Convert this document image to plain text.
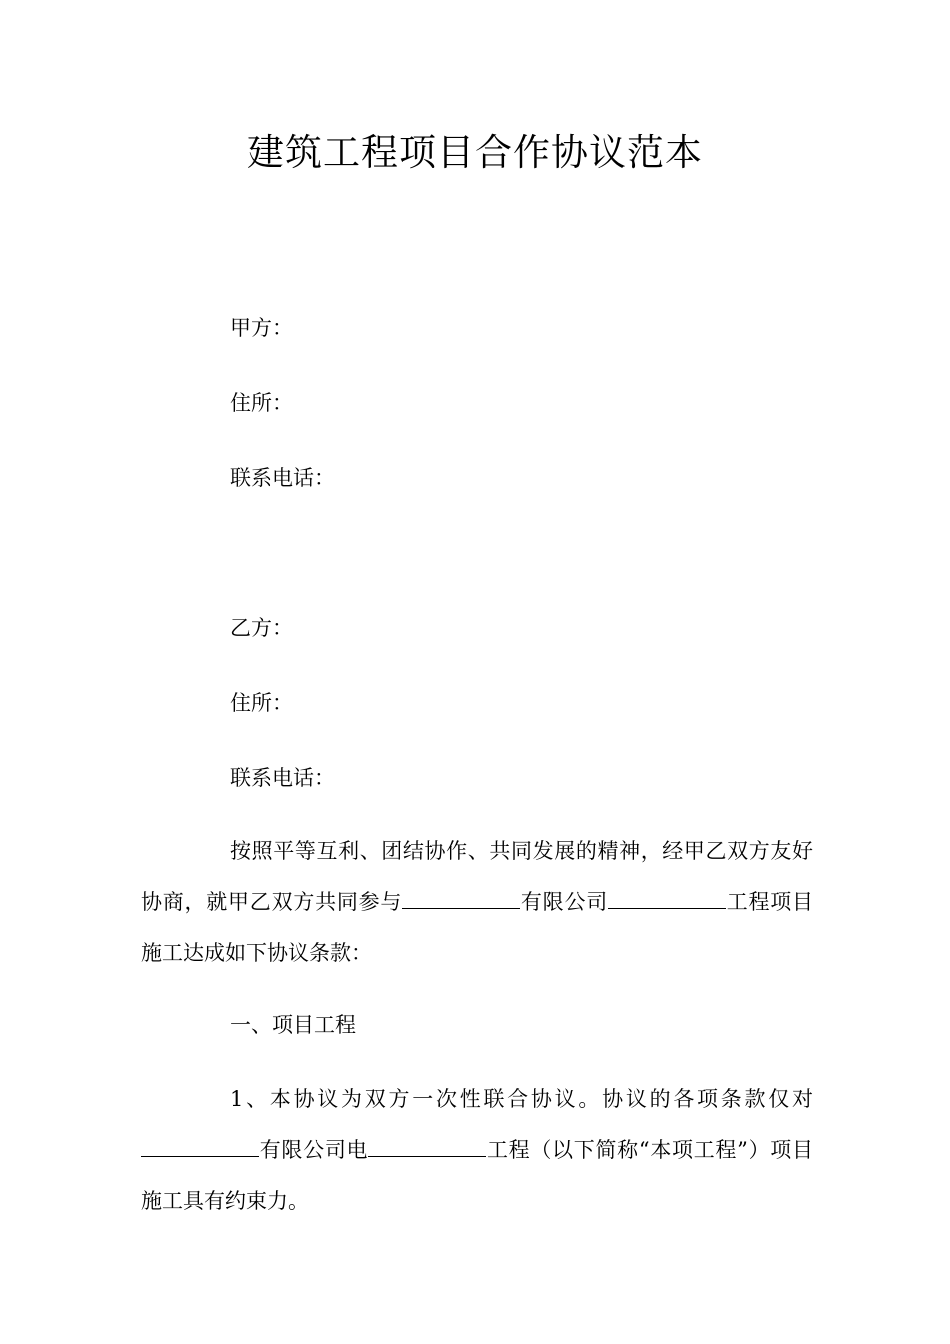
建筑工程项目合作协议范本
甲方：
住所：
联系电话：
乙方：
住所：
联系电话：

按照平等互利、团结协作、共同发展的精神，经甲乙双方友好协商，就甲乙双方共同参与	有限公司	工程项目施工达成如下协议条款：

一、项目工程

1、本协议为双方一次性联合协议。协议的各项条款仅对有限公司电	工程（以下简称“本项工程”）项目施工具有约束力。
